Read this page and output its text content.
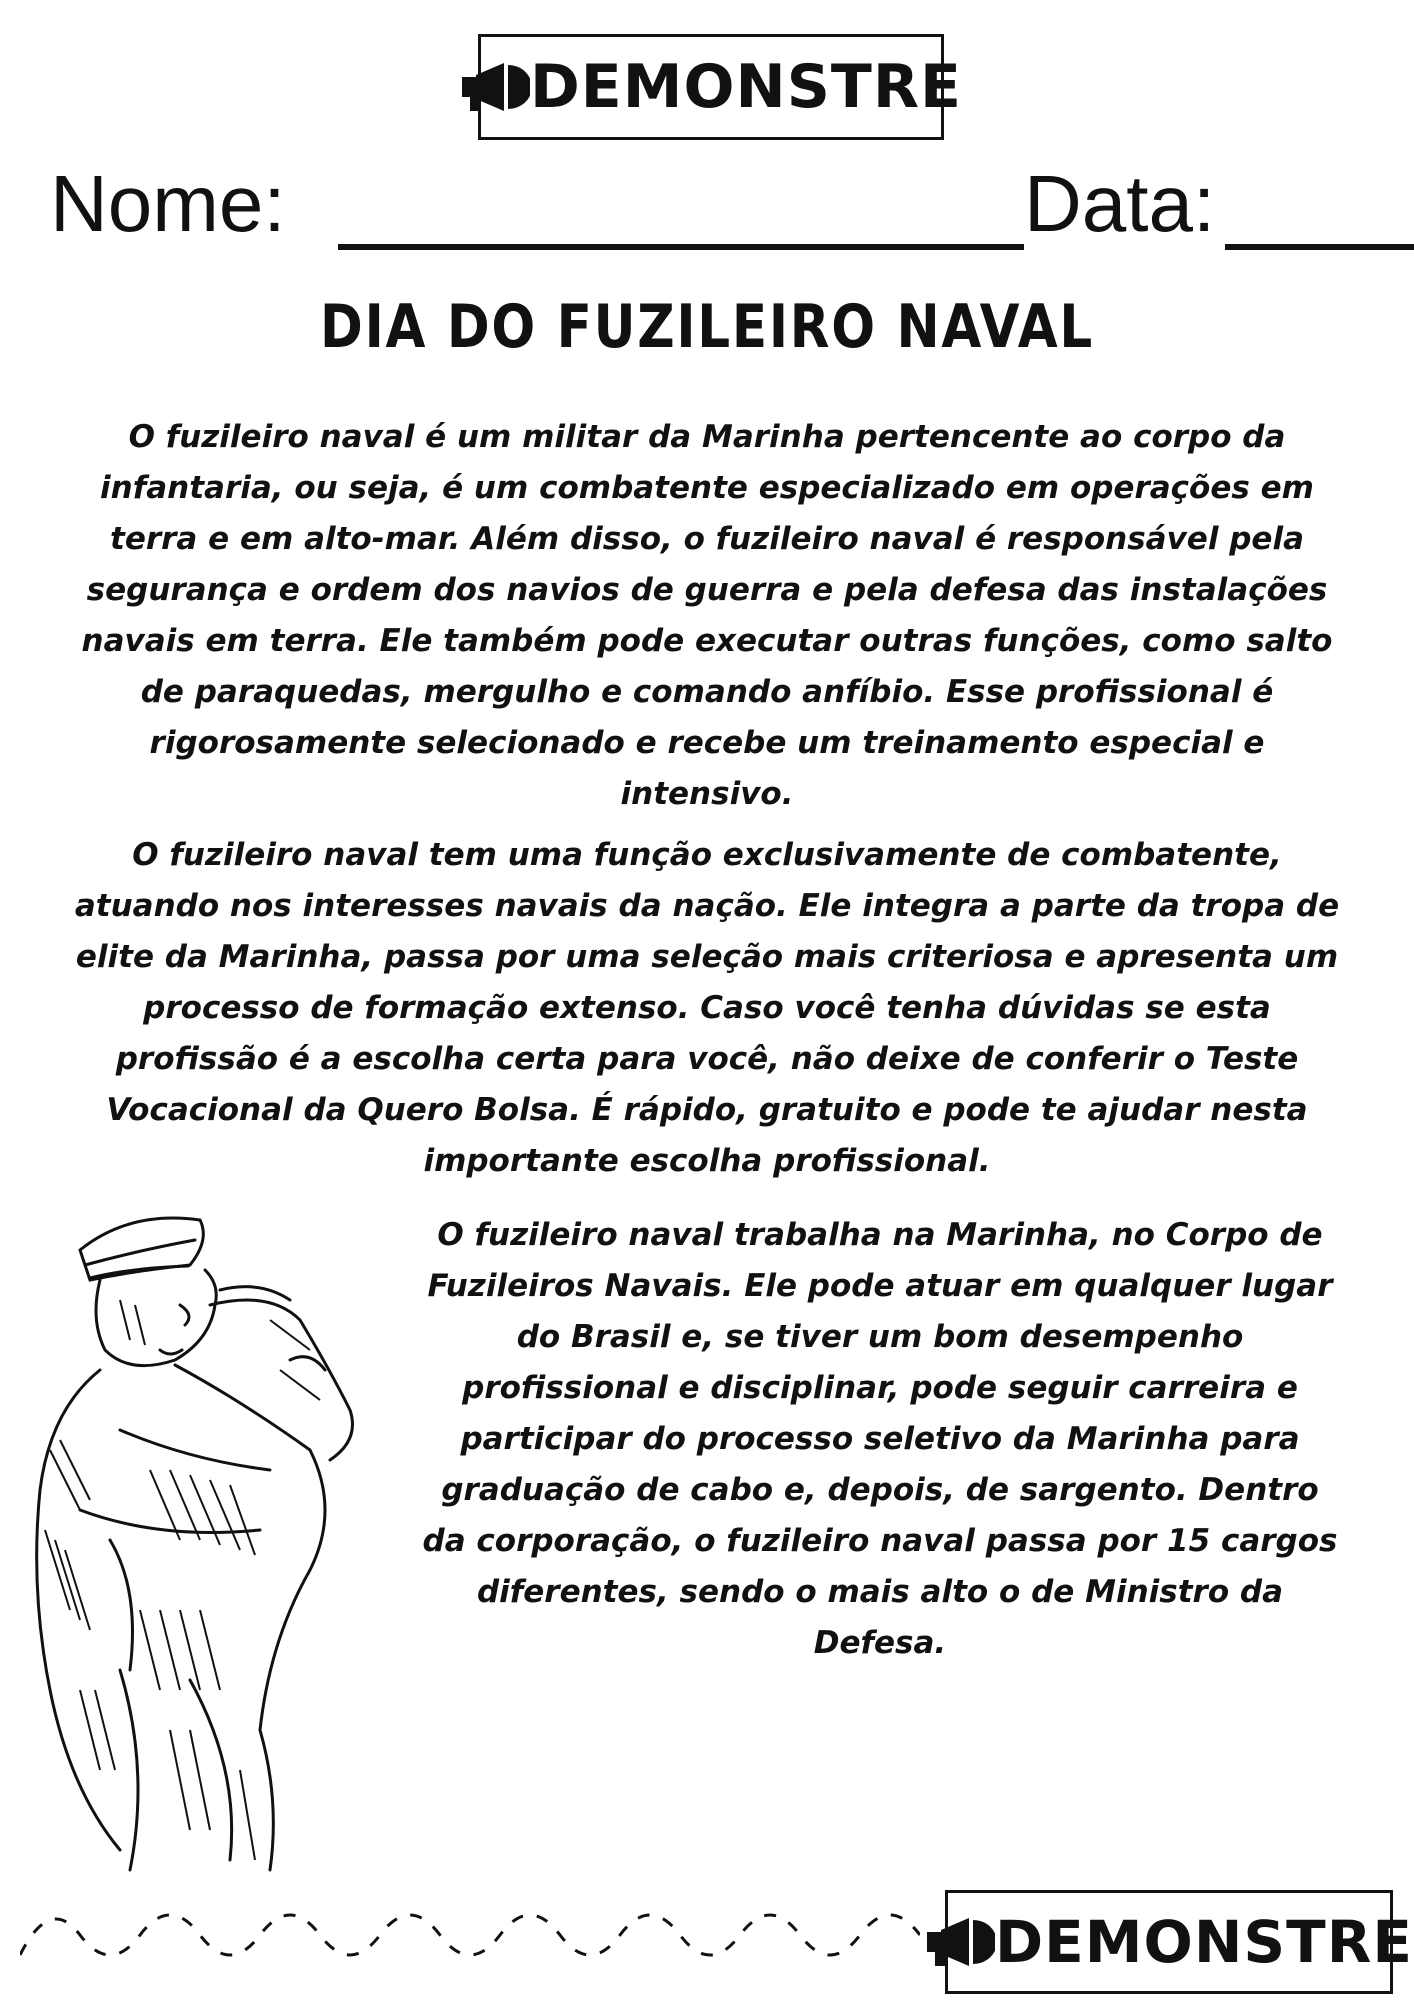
DEMONSTRE
Nome:	Data:
DIA DO FUZILEIRO NAVAL

O fuzileiro naval é um militar da Marinha pertencente ao corpo da infantaria, ou seja, é um combatente especializado em operações em terra e em alto-mar. Além disso, o fuzileiro naval é responsável pela segurança e ordem dos navios de guerra e pela defesa das instalações navais em terra. Ele também pode executar outras funções, como salto de paraquedas, mergulho e comando anfíbio. Esse profissional é rigorosamente selecionado e recebe um treinamento especial e intensivo.

O fuzileiro naval tem uma função exclusivamente de combatente, atuando nos interesses navais da nação. Ele integra a parte da tropa de elite da Marinha, passa por uma seleção mais criteriosa e apresenta um processo de formação extenso. Caso você tenha dúvidas se esta profissão é a escolha certa para você, não deixe de conferir o Teste Vocacional da Quero Bolsa. É rápido, gratuito e pode te ajudar nesta importante escolha profissional.

O fuzileiro naval trabalha na Marinha, no Corpo de Fuzileiros Navais. Ele pode atuar em qualquer lugar do Brasil e, se tiver um bom desempenho profissional e disciplinar, pode seguir carreira e participar do processo seletivo da Marinha para graduação de cabo e, depois, de sargento. Dentro da corporação, o fuzileiro naval passa por 15 cargos diferentes, sendo o mais alto o de Ministro da Defesa.

DEMONSTRE
